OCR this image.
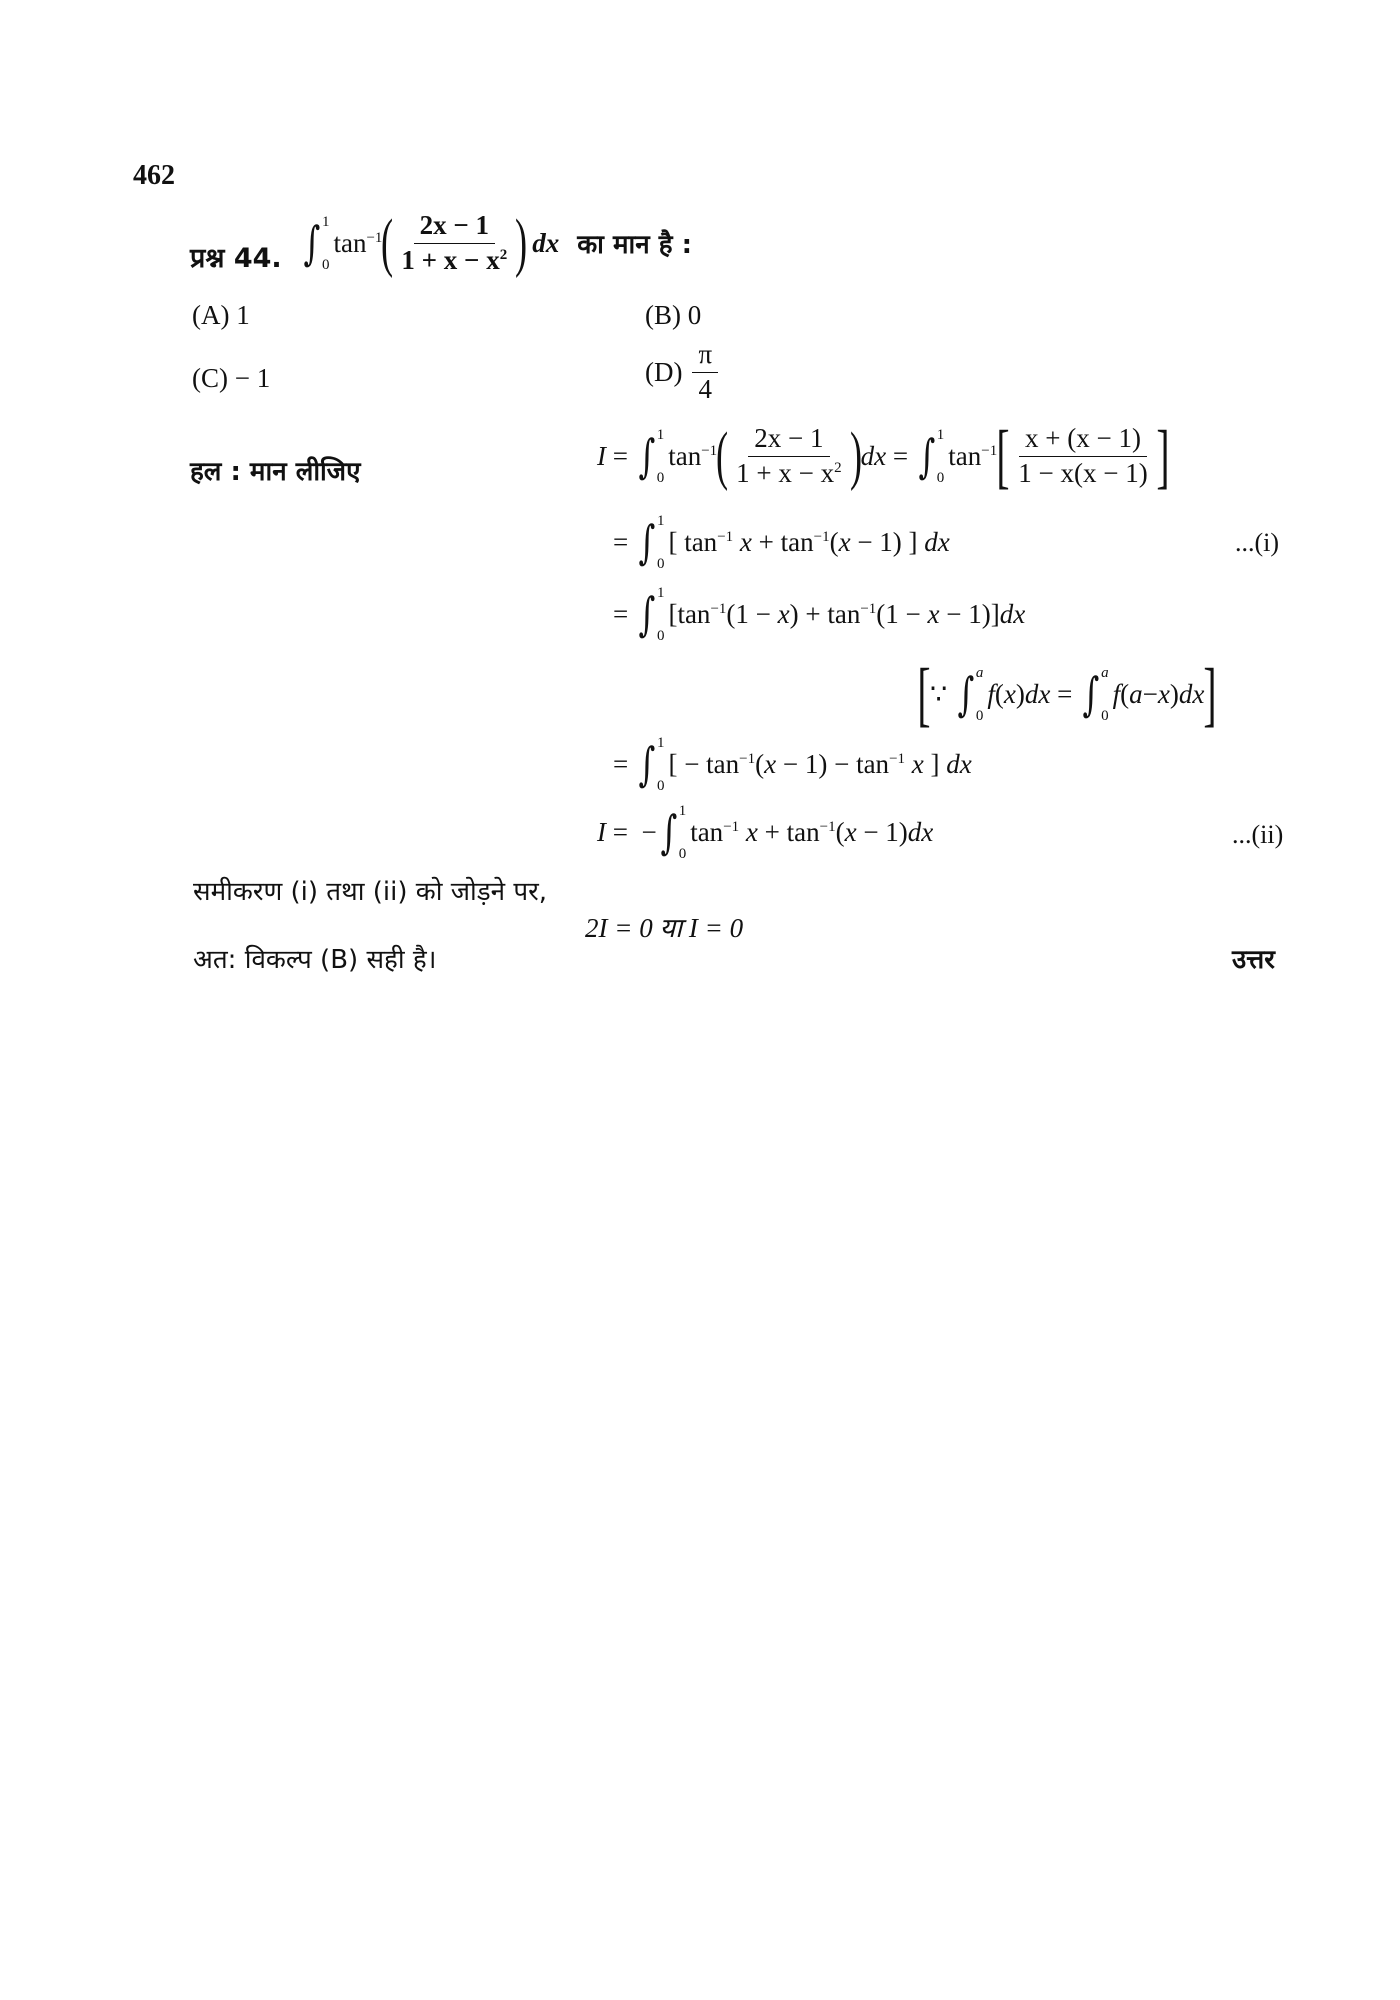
462
प्रश्न 44. ∫ 1
0
$\tan^{-1}$
( $\frac{2x - 1}{1 + x - x^2}$ ) dx का मान है :
(A) 1	(B) 0
(C) − 1	$(D) \frac{\pi}{4}$
हल : मान लीजिए
I = ∫ 1
0
$\tan^{-1}$
( $\frac{2x - 1}{1 + x - x^2}$ )
dx = ∫ 1
0
$\tan^{-1}$ [ $\frac{x + (x - 1)}{1 - x(x - 1)}$ ]
= ∫ 1
0
[ $\tan^{-1} x + \tan^{-1}(x - 1)$ ] dx	...(i)
= ∫ 1
0
$[\tan^{-1}(1 - x) + \tan^{-1}(1 - x - 1)]dx$
[ ∵ ∫ a
0
f ( x ) dx = ∫ a
0
f ( a − x ) dx ]
= ∫ 1
0
[ − $\tan^{-1}(x - 1) - \tan^{-1} x$ ] dx
I =  − ∫ 1
0
$\tan^{-1} x + \tan^{-1}(x - 1)dx$	...(ii)
समीकरण (i) तथा (ii) को जोड़ने पर,
2I = 0 या I = 0
अत: विकल्प (B) सही है।	उत्तर
